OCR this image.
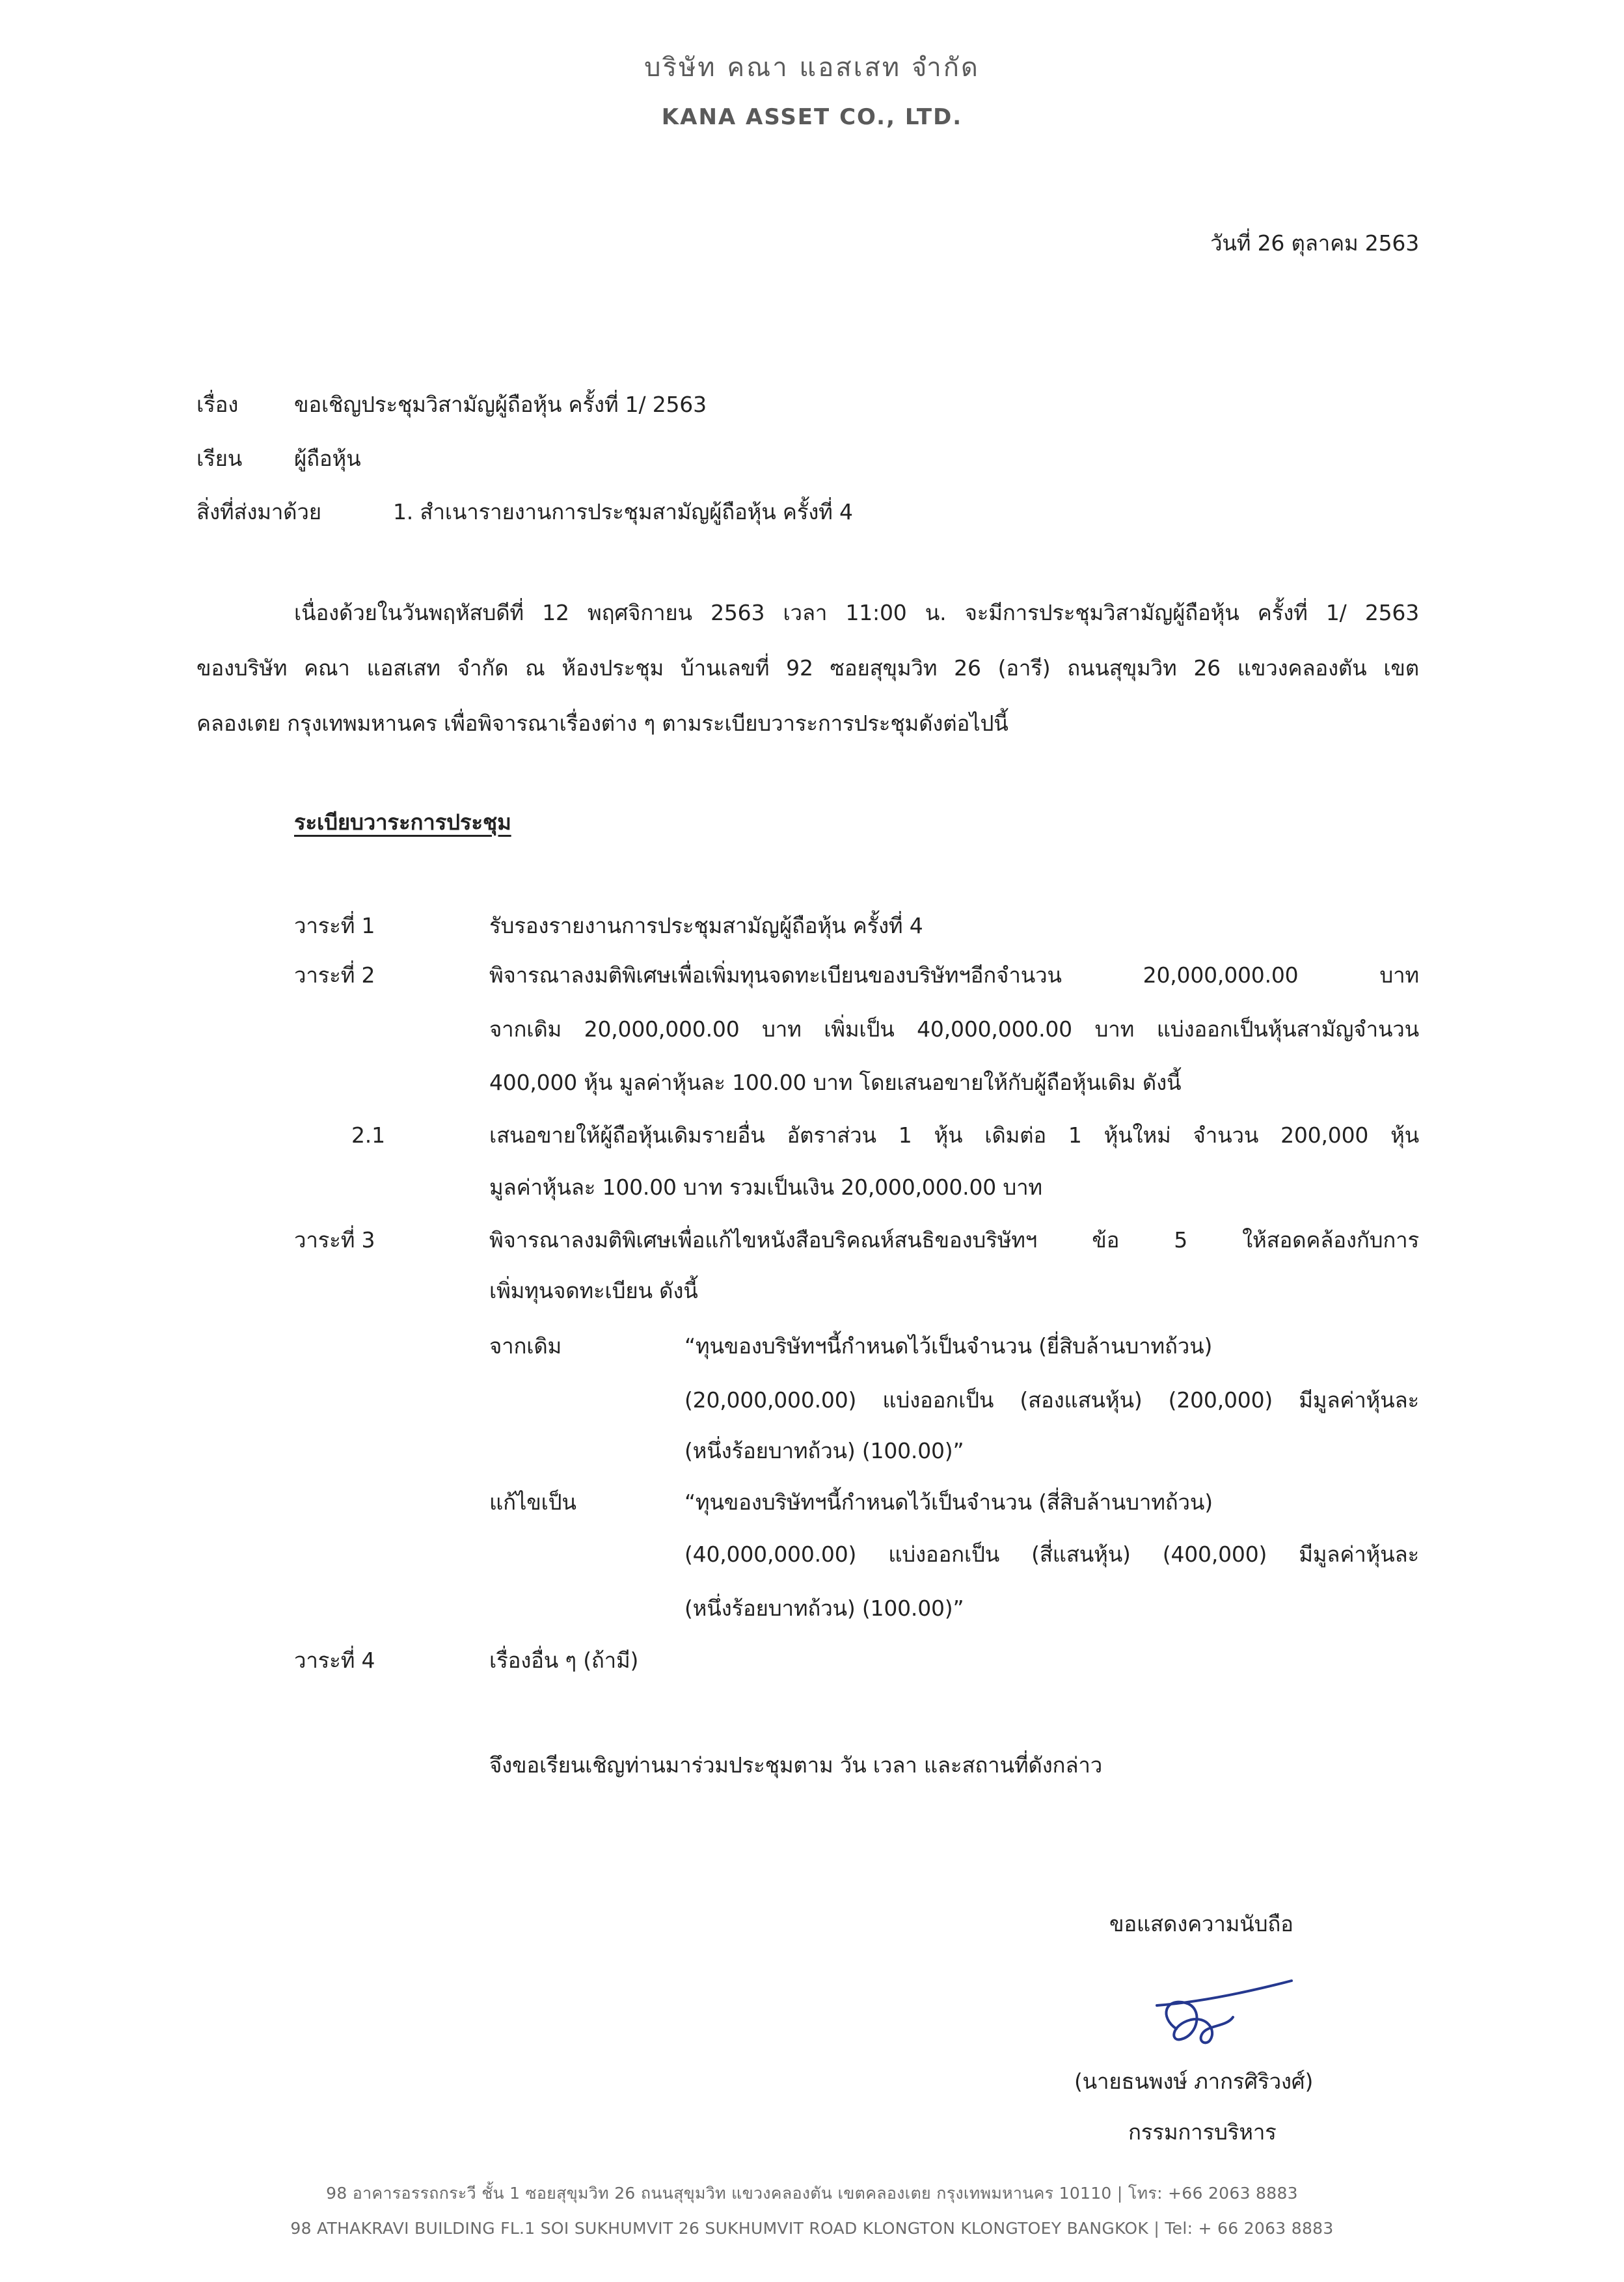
บริษัท คณา แอสเสท จำกัด
KANA ASSET CO., LTD.
วันที่ 26 ตุลาคม 2563
เรื่อง	ขอเชิญประชุมวิสามัญผู้ถือหุ้น ครั้งที่ 1/ 2563
เรียน ผู้ถือหุ้น
สิ่งที่ส่งมาด้วย	1. สำเนารายงานการประชุมสามัญผู้ถือหุ้น ครั้งที่ 4
เนื่องด้วยในวันพฤหัสบดีที่ 12 พฤศจิกายน 2563 เวลา 11:00 น. จะมีการประชุมวิสามัญผู้ถือหุ้น ครั้งที่ 1/ 2563
ของบริษัท คณา แอสเสท จำกัด ณ ห้องประชุม บ้านเลขที่ 92 ซอยสุขุมวิท 26 (อารี) ถนนสุขุมวิท 26 แขวงคลองตัน เขต
คลองเตย กรุงเทพมหานคร เพื่อพิจารณาเรื่องต่าง ๆ ตามระเบียบวาระการประชุมดังต่อไปนี้
ระเบียบวาระการประชุม
วาระที่ 1	รับรองรายงานการประชุมสามัญผู้ถือหุ้น ครั้งที่ 4
วาระที่ 2	พิจารณาลงมติพิเศษเพื่อเพิ่มทุนจดทะเบียนของบริษัทฯอีกจำนวน 20,000,000.00 บาท
จากเดิม 20,000,000.00 บาท เพิ่มเป็น 40,000,000.00 บาท แบ่งออกเป็นหุ้นสามัญจำนวน
400,000 หุ้น มูลค่าหุ้นละ 100.00 บาท โดยเสนอขายให้กับผู้ถือหุ้นเดิม ดังนี้
2.1	เสนอขายให้ผู้ถือหุ้นเดิมรายอื่น อัตราส่วน 1 หุ้น เดิมต่อ 1 หุ้นใหม่ จำนวน 200,000 หุ้น
มูลค่าหุ้นละ 100.00 บาท รวมเป็นเงิน 20,000,000.00 บาท
วาระที่ 3	พิจารณาลงมติพิเศษเพื่อแก้ไขหนังสือบริคณห์สนธิของบริษัทฯ ข้อ 5 ให้สอดคล้องกับการ
เพิ่มทุนจดทะเบียน ดังนี้
จากเดิม	“ทุนของบริษัทฯนี้กำหนดไว้เป็นจำนวน (ยี่สิบล้านบาทถ้วน)
(20,000,000.00) แบ่งออกเป็น (สองแสนหุ้น) (200,000) มีมูลค่าหุ้นละ
(หนึ่งร้อยบาทถ้วน) (100.00)”
แก้ไขเป็น	“ทุนของบริษัทฯนี้กำหนดไว้เป็นจำนวน (สี่สิบล้านบาทถ้วน)
(40,000,000.00) แบ่งออกเป็น (สี่แสนหุ้น) (400,000) มีมูลค่าหุ้นละ
(หนึ่งร้อยบาทถ้วน) (100.00)”
วาระที่ 4	เรื่องอื่น ๆ (ถ้ามี)
จึงขอเรียนเชิญท่านมาร่วมประชุมตาม วัน เวลา และสถานที่ดังกล่าว
ขอแสดงความนับถือ
(นายธนพงษ์ ภากรศิริวงศ์)
กรรมการบริหาร
98 อาคารอรรถกระวี ชั้น 1 ซอยสุขุมวิท 26 ถนนสุขุมวิท แขวงคลองตัน เขตคลองเตย กรุงเทพมหานคร 10110 | โทร: +66 2063 8883
98 ATHAKRAVI BUILDING FL.1 SOI SUKHUMVIT 26 SUKHUMVIT ROAD KLONGTON KLONGTOEY BANGKOK | Tel: + 66 2063 8883
